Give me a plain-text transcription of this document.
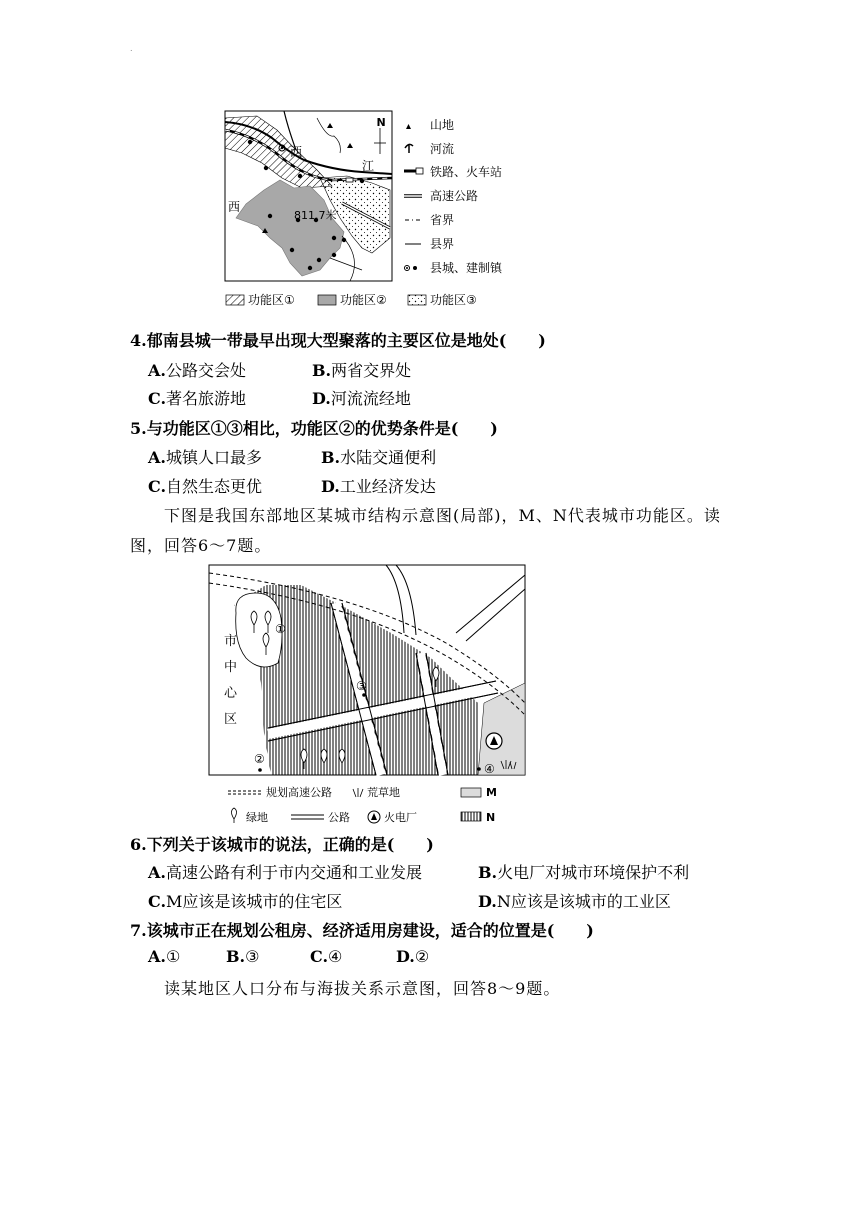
.
N
西
江
西
811.7米
山地
河流
铁路、火车站
高速公路
省界
县界
县城、建制镇
功能区①	功能区②	功能区③
4.郁南县城一带最早出现大型聚落的主要区位是地处(　　)
A.公路交会处	B.两省交界处
C.著名旅游地	D.河流流经地
5.与功能区①③相比，功能区②的优势条件是(　　)
A.城镇人口最多	B.水陆交通便利
C.自然生态更优	D.工业经济发达
下图是我国东部地区某城市结构示意图(局部)，M、N代表城市功能区。读
图，回答6～7题。
市
中
心
区
①
②
③
④
规划高速公路	荒草地	M
绿地	公路	火电厂	N
6.下列关于该城市的说法，正确的是(　　)
A.高速公路有利于市内交通和工业发展	B.火电厂对城市环境保护不利
C.M应该是该城市的住宅区	D.N应该是该城市的工业区
7.该城市正在规划公租房、经济适用房建设，适合的位置是(　　)
A.①	B.③	C.④	D.②
读某地区人口分布与海拔关系示意图，回答8～9题。
